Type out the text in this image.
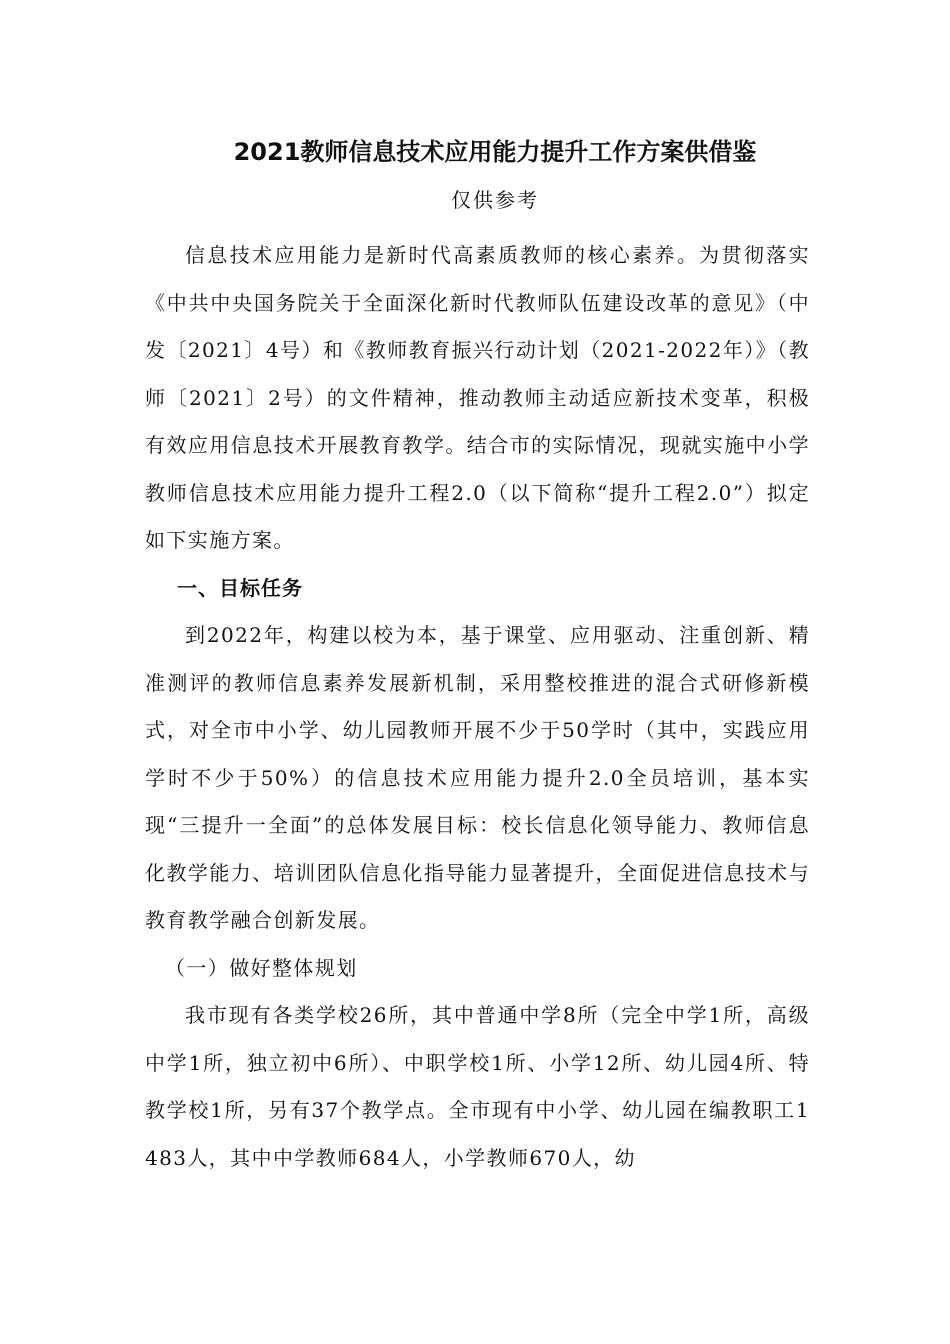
2021教师信息技术应用能力提升工作方案供借鉴
仅供参考

信息技术应用能力是新时代高素质教师的核心素养。为贯彻落实《中共中央国务院关于全面深化新时代教师队伍建设改革的意见》（中发〔2021〕4号）和《教师教育振兴行动计划（2021-2022年）》（教师〔2021〕2号）的文件精神，推动教师主动适应新技术变革，积极有效应用信息技术开展教育教学。结合市的实际情况，现就实施中小学教师信息技术应用能力提升工程2.0（以下简称“提升工程2.0”）拟定如下实施方案。

一、目标任务

到2022年，构建以校为本，基于课堂、应用驱动、注重创新、精准测评的教师信息素养发展新机制，采用整校推进的混合式研修新模式，对全市中小学、幼儿园教师开展不少于50学时（其中，实践应用学时不少于50%）的信息技术应用能力提升2.0全员培训，基本实现“三提升一全面”的总体发展目标：校长信息化领导能力、教师信息化教学能力、培训团队信息化指导能力显著提升，全面促进信息技术与教育教学融合创新发展。

（一）做好整体规划

我市现有各类学校26所，其中普通中学8所（完全中学1所，高级中学1所，独立初中6所）、中职学校1所、小学12所、幼儿园4所、特教学校1所，另有37个教学点。全市现有中小学、幼儿园在编教职工1483人，其中中学教师684人，小学教师670人，幼
